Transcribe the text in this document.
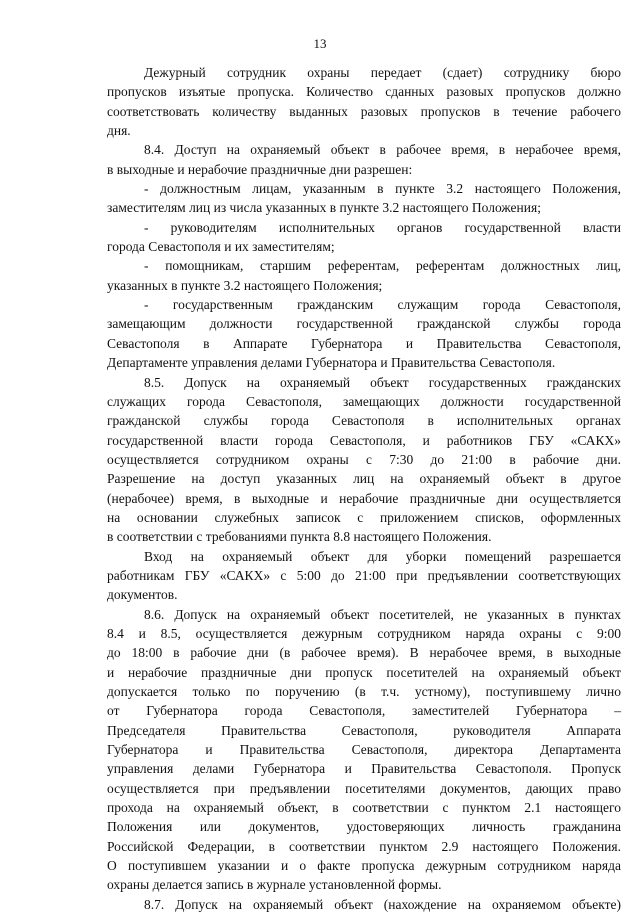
13
Дежурный сотрудник охраны передает (сдает) сотруднику бюро
пропусков изъятые пропуска. Количество сданных разовых пропусков должно
соответствовать количеству выданных разовых пропусков в течение рабочего
дня.
8.4. Доступ на охраняемый объект в рабочее время, в нерабочее время,
в выходные и нерабочие праздничные дни разрешен:
- должностным лицам, указанным в пункте 3.2 настоящего Положения,
заместителям лиц из числа указанных в пункте 3.2 настоящего Положения;
- руководителям исполнительных органов государственной власти
города Севастополя и их заместителям;
- помощникам, старшим референтам, референтам должностных лиц,
указанных в пункте 3.2 настоящего Положения;
- государственным гражданским служащим города Севастополя,
замещающим должности государственной гражданской службы города
Севастополя в Аппарате Губернатора и Правительства Севастополя,
Департаменте управления делами Губернатора и Правительства Севастополя.
8.5. Допуск на охраняемый объект государственных гражданских
служащих города Севастополя, замещающих должности государственной
гражданской службы города Севастополя в исполнительных органах
государственной власти города Севастополя, и работников ГБУ «САКХ»
осуществляется сотрудником охраны с 7:30 до 21:00 в рабочие дни.
Разрешение на доступ указанных лиц на охраняемый объект в другое
(нерабочее) время, в выходные и нерабочие праздничные дни осуществляется
на основании служебных записок с приложением списков, оформленных
в соответствии с требованиями пункта 8.8 настоящего Положения.
Вход на охраняемый объект для уборки помещений разрешается
работникам ГБУ «САКХ» с 5:00 до 21:00 при предъявлении соответствующих
документов.
8.6. Допуск на охраняемый объект посетителей, не указанных в пунктах
8.4 и 8.5, осуществляется дежурным сотрудником наряда охраны с 9:00
до 18:00 в рабочие дни (в рабочее время). В нерабочее время, в выходные
и нерабочие праздничные дни пропуск посетителей на охраняемый объект
допускается только по поручению (в т.ч. устному), поступившему лично
от Губернатора города Севастополя, заместителей Губернатора –
Председателя Правительства Севастополя, руководителя Аппарата
Губернатора и Правительства Севастополя, директора Департамента
управления делами Губернатора и Правительства Севастополя. Пропуск
осуществляется при предъявлении посетителями документов, дающих право
прохода на охраняемый объект, в соответствии с пунктом 2.1 настоящего
Положения или документов, удостоверяющих личность гражданина
Российской Федерации, в соответствии пунктом 2.9 настоящего Положения.
О поступившем указании и о факте пропуска дежурным сотрудником наряда
охраны делается запись в журнале установленной формы.
8.7. Допуск на охраняемый объект (нахождение на охраняемом объекте)
